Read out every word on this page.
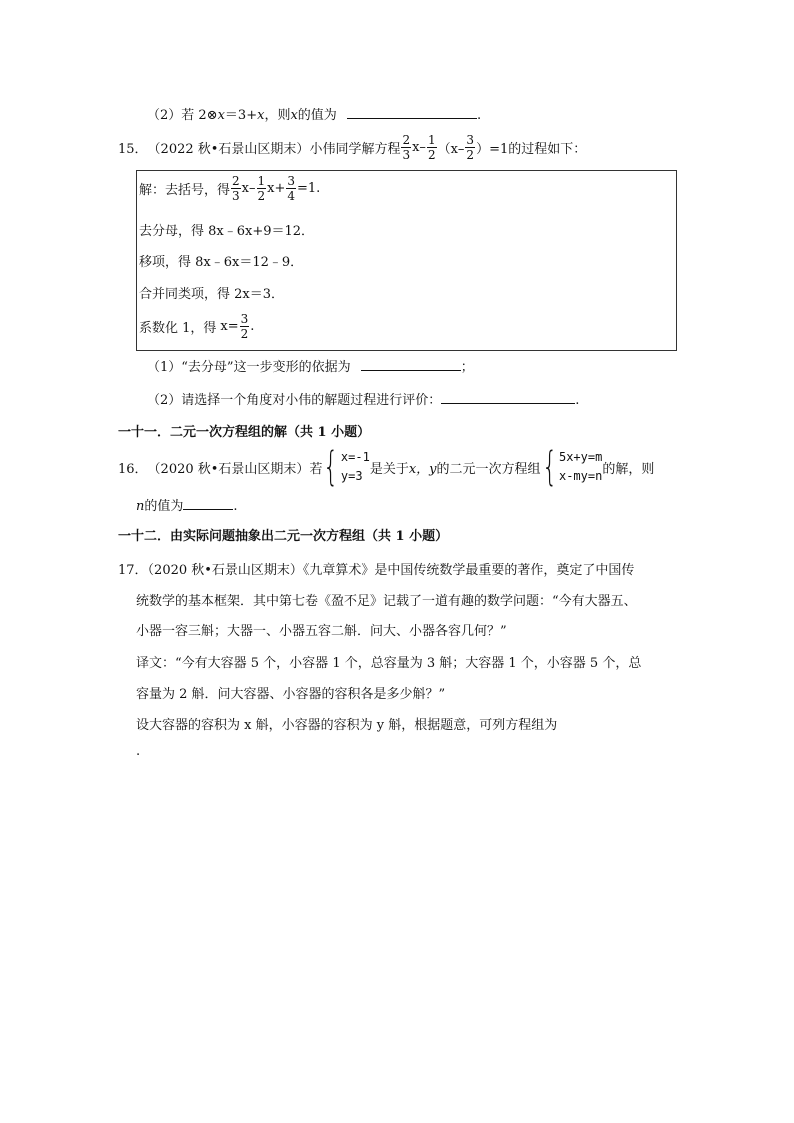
（2）若 2⊗x＝3+x，则x的值为	.
15． （2022 秋•石景山区期末） 小伟同学解方程 $\frac{2}{3} x- \frac{1}{2} (x- \frac{3}{2} )=1$ 的过程如下：
解：去括号，得 $\frac{2}{3} x- \frac{1}{2} x+ \frac{3}{4} =1$.
去分母，得 8x﹣6x+9＝12．
移项，得 8x﹣6x＝12﹣9．
合并同类项，得 2x＝3．
系数化 1，得 $x= \frac{3}{2}$ .
（1）“去分母”这一步变形的依据为	；
（2）请选择一个角度对小伟的解题过程进行评价：	.
一十一．二元一次方程组的解（共 1 小题）
16． （2020 秋•石景山区期末） 若 { x=-1
y=3 是关于 x，y 的二元一次方程组 { 5x+y=m
x-my=n 的解，则
n的值为	.
一十二．由实际问题抽象出二元一次方程组（共 1 小题）
17．（2020 秋•石景山区期末）《九章算术》是中国传统数学最重要的著作，奠定了中国传
统数学的基本框架．其中第七卷《盈不足》记载了一道有趣的数学问题：“今有大器五、
小器一容三斛；大器一、小器五容二斛．问大、小器各容几何？”
译文：“今有大容器 5 个，小容器 1 个，总容量为 3 斛；大容器 1 个，小容器 5 个，总
容量为 2 斛．问大容器、小容器的容积各是多少斛？”
设大容器的容积为 x 斛，小容器的容积为 y 斛，根据题意，可列方程组为
.
